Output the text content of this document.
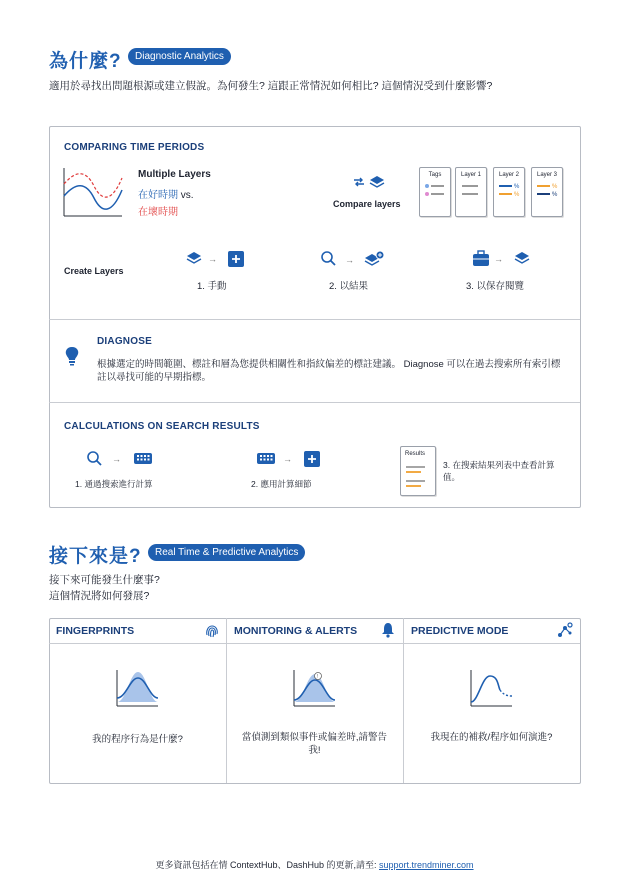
為什麼?	Diagnostic Analytics
適用於尋找出問題根源或建立假說。為何發生? 這跟正常情況如何相比? 這個情況受到什麼影響?
COMPARING TIME PERIODS
Multiple Layers
在好時期 vs.
在壞時期
Compare layers
Tags	Layer 1	Layer 2
%
%
Layer 3
%
%
Create Layers
→
1. 手動
→
2. 以結果
→
3. 以保存閱覽
DIAGNOSE
根據選定的時間範圍、標註和層為您提供相關性和指紋偏差的標註建議。 Diagnose 可以在過去搜索所有索引標註以尋找可能的早期指標。
CALCULATIONS ON SEARCH RESULTS
→
1. 通過搜索進行計算
→
2. 應用計算細節
Results
3. 在搜索結果列表中查看計算值。
接下來是?	Real Time & Predictive Analytics
接下來可能發生什麼事?
這個情況將如何發展?
FINGERPRINTS
我的程序行為是什麼?
MONITORING & ALERTS
!
當偵測到類似事件或偏差時,請警告我!
PREDICTIVE MODE
我現在的補救/程序如何演進?
更多資訊包括在情 ContextHub、DashHub 的更新,請至: support.trendminer.com
